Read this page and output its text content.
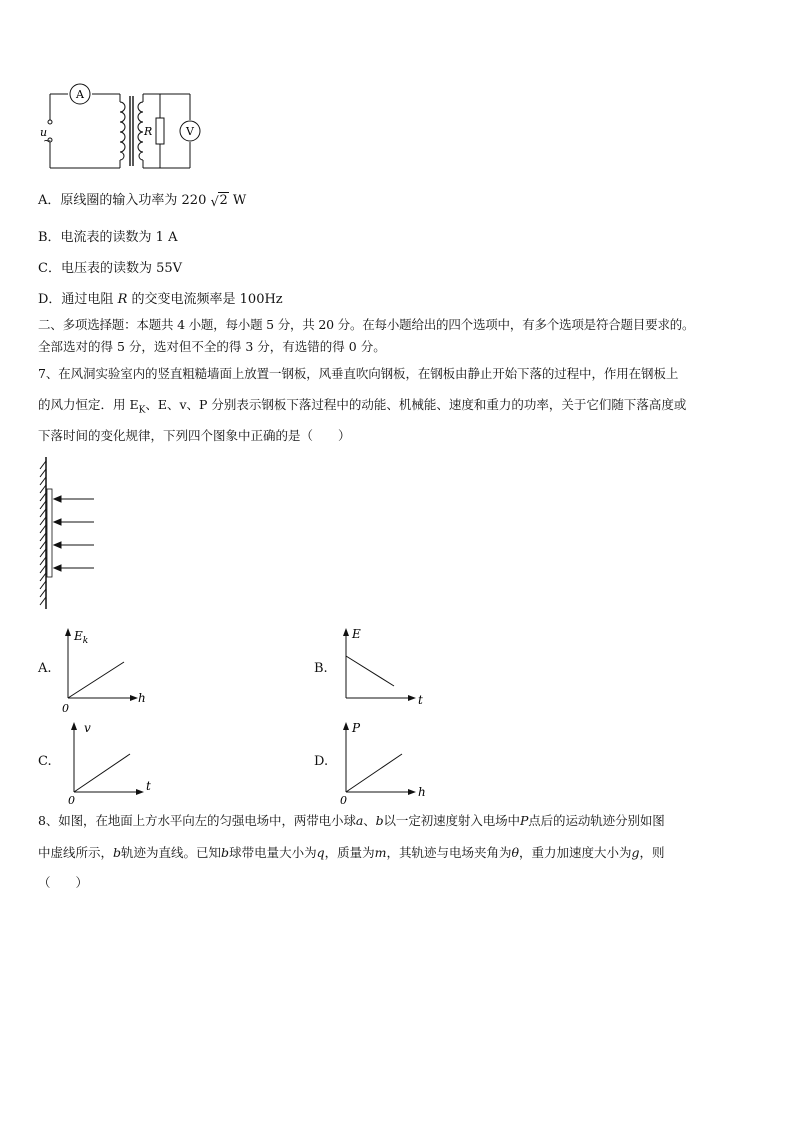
A
u
~
R	V
A．原线圈的输入功率为 220 √ 2 W
B．电流表的读数为 1 A
C．电压表的读数为 55V
D．通过电阻 R 的交变电流频率是 100Hz
二、多项选择题：本题共 4 小题，每小题 5 分，共 20 分。在每小题给出的四个选项中，有多个选项是符合题目要求的。
全部选对的得 5 分，选对但不全的得 3 分，有选错的得 0 分。
7、在风洞实验室内的竖直粗糙墙面上放置一钢板，风垂直吹向钢板，在钢板由静止开始下落的过程中，作用在钢板上
的风力恒定．用 $E_K$、E、v、P 分别表示钢板下落过程中的动能、机械能、速度和重力的功率，关于它们随下落高度或
下落时间的变化规律，下列四个图象中正确的是（　　）
A.
$E_k$
h
0
B.
E
t
C.
v
t
0
D.
P
h
0
8、如图，在地面上方水平向左的匀强电场中，两带电小球a、b以一定初速度射入电场中P点后的运动轨迹分别如图
中虚线所示，b轨迹为直线。已知b球带电量大小为q，质量为m，其轨迹与电场夹角为θ，重力加速度大小为g，则
（　　）
